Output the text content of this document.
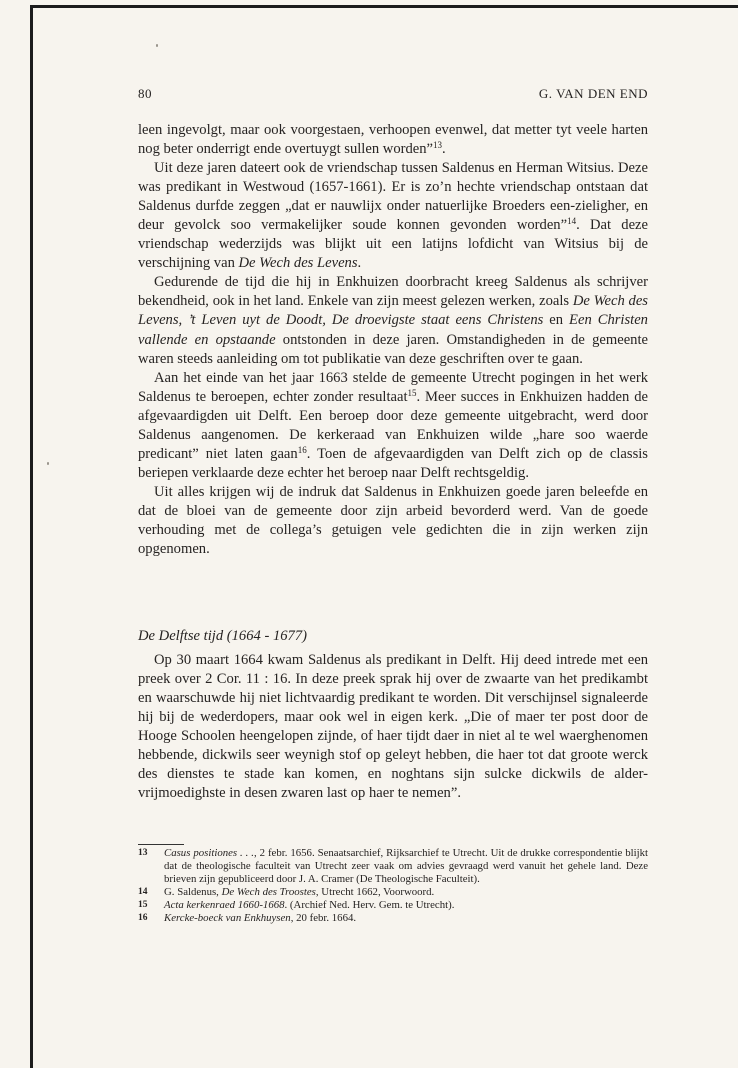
80	G. VAN DEN END

leen ingevolgt, maar ook voorgestaen, verhoopen evenwel, dat metter tyt veele harten nog beter onderrigt ende overtuygt sullen worden”$^{13}$.

Uit deze jaren dateert ook de vriendschap tussen Saldenus en Herman Witsius. Deze was predikant in Westwoud (1657-1661). Er is zo’n hechte vriendschap ontstaan dat Saldenus durfde zeggen „dat er nauwlijx onder natuerlijke Broeders een-zieligher, en deur gevolck soo vermakelijker soude konnen gevonden worden”$^{14}$. Dat deze vriendschap wederzijds was blijkt uit een latijns lofdicht van Witsius bij de verschijning van De Wech des Levens.

Gedurende de tijd die hij in Enkhuizen doorbracht kreeg Saldenus als schrijver bekendheid, ook in het land. Enkele van zijn meest gelezen werken, zoals De Wech des Levens, ’t Leven uyt de Doodt, De droevigste staat eens Christens en Een Christen vallende en opstaande ontstonden in deze jaren. Omstandigheden in de gemeente waren steeds aanleiding om tot publikatie van deze geschriften over te gaan.

Aan het einde van het jaar 1663 stelde de gemeente Utrecht pogingen in het werk Saldenus te beroepen, echter zonder resultaat$^{15}$. Meer succes in Enkhuizen hadden de afgevaardigden uit Delft. Een beroep door deze gemeente uitgebracht, werd door Saldenus aangenomen. De kerkeraad van Enkhuizen wilde „hare soo waerde predicant” niet laten gaan$^{16}$. Toen de afgevaardigden van Delft zich op de classis beriepen verklaarde deze echter het beroep naar Delft rechtsgeldig.

Uit alles krijgen wij de indruk dat Saldenus in Enkhuizen goede jaren beleefde en dat de bloei van de gemeente door zijn arbeid bevorderd werd. Van de goede verhouding met de collega’s getuigen vele gedichten die in zijn werken zijn opgenomen.

De Delftse tijd (1664 - 1677)

Op 30 maart 1664 kwam Saldenus als predikant in Delft. Hij deed intrede met een preek over 2 Cor. 11 : 16. In deze preek sprak hij over de zwaarte van het predikambt en waarschuwde hij niet lichtvaardig predikant te worden. Dit verschijnsel signaleerde hij bij de wederdopers, maar ook wel in eigen kerk. „Die of maer ter post door de Hooge Schoolen heengelopen zijnde, of haer tijdt daer in niet al te wel waerghenomen hebbende, dickwils seer weynigh stof op geleyt hebben, die haer tot dat groote werck des dienstes te stade kan komen, en noghtans sijn sulcke dickwils de alder-vrijmoedighste in desen zwaren last op haer te nemen”.

13 Casus positiones . . ., 2 febr. 1656. Senaatsarchief, Rijksarchief te Utrecht. Uit de drukke correspondentie blijkt dat de theologische faculteit van Utrecht zeer vaak om advies gevraagd werd vanuit het gehele land. Deze brieven zijn gepubliceerd door J. A. Cramer (De Theologische Faculteit).
14 G. Saldenus, De Wech des Troostes, Utrecht 1662, Voorwoord.
15 Acta kerkenraed 1660-1668. (Archief Ned. Herv. Gem. te Utrecht).
16 Kercke-boeck van Enkhuysen, 20 febr. 1664.
